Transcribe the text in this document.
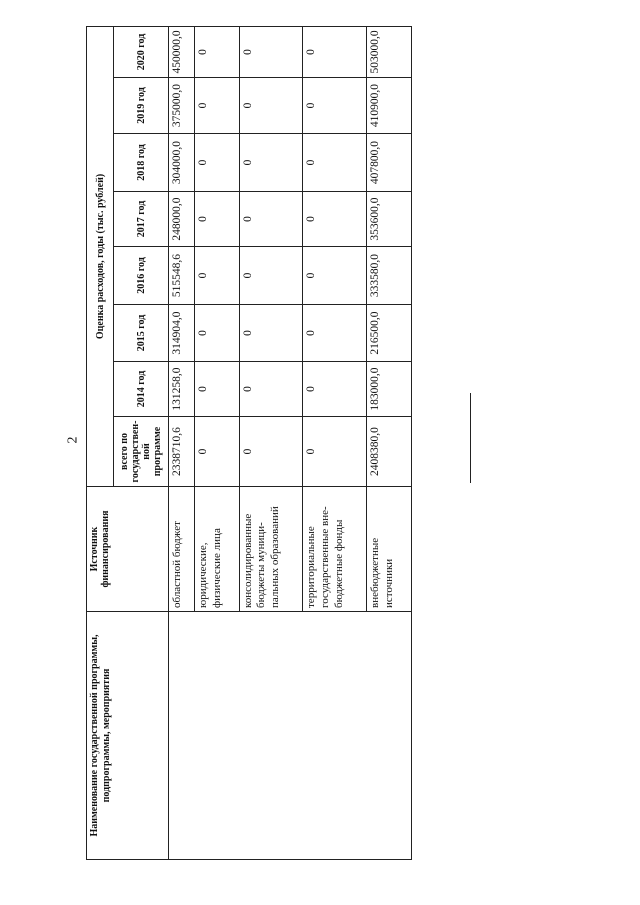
2
Наименование государственной программы, подпрограммы, мероприятия	Источник финансирования	Оценка расходов, годы (тыс. рублей)							
		всего по государствен-ной программе	2014 год	2015 год	2016 год	2017 год	2018 год	2019 год	2020 год
	областной бюджет	2338710,6	131258,0	314904,0	515548,6	248000,0	304000,0	375000,0	450000,0
	юридические, физические лица	0	0	0	0	0	0	0	0
	консолидированные бюджеты муници-пальных образований	0	0	0	0	0	0	0	0
	территориальные государственные вне-бюджетные фонды	0	0	0	0	0	0	0	0
	внебюджетные источники	2408380,0	183000,0	216500,0	333580,0	353600,0	407800,0	410900,0	503000,0
